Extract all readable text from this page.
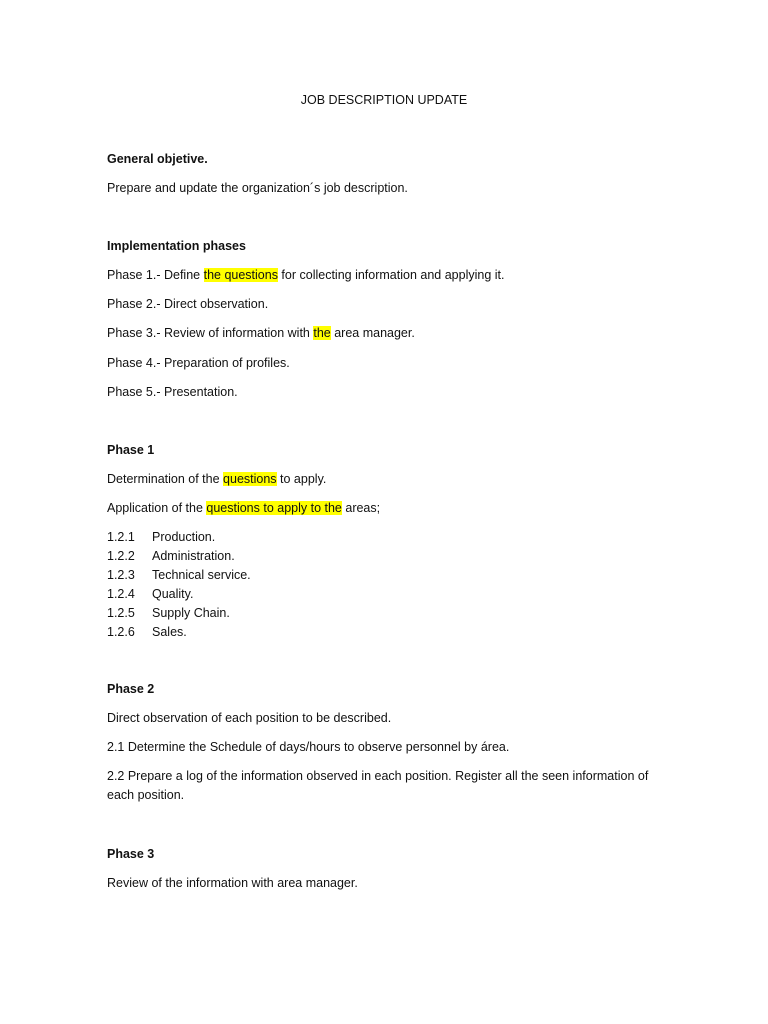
JOB DESCRIPTION UPDATE

General objetive.

Prepare and update the organization´s job description.

Implementation phases

Phase 1.- Define the questions for collecting information and applying it.

Phase 2.- Direct observation.

Phase 3.- Review of information with the area manager.

Phase 4.- Preparation of profiles.

Phase 5.- Presentation.

Phase 1

Determination of the questions to apply.

Application of the questions to apply to the areas;

1.2.1 Production.

1.2.2 Administration.

1.2.3 Technical service.

1.2.4 Quality.

1.2.5 Supply Chain.

1.2.6 Sales.

Phase 2

Direct observation of each position to be described.

2.1 Determine the Schedule of days/hours to observe personnel by área.

2.2 Prepare a log of the information observed in each position. Register all the seen information of each position.

Phase 3

Review of the information with area manager.
